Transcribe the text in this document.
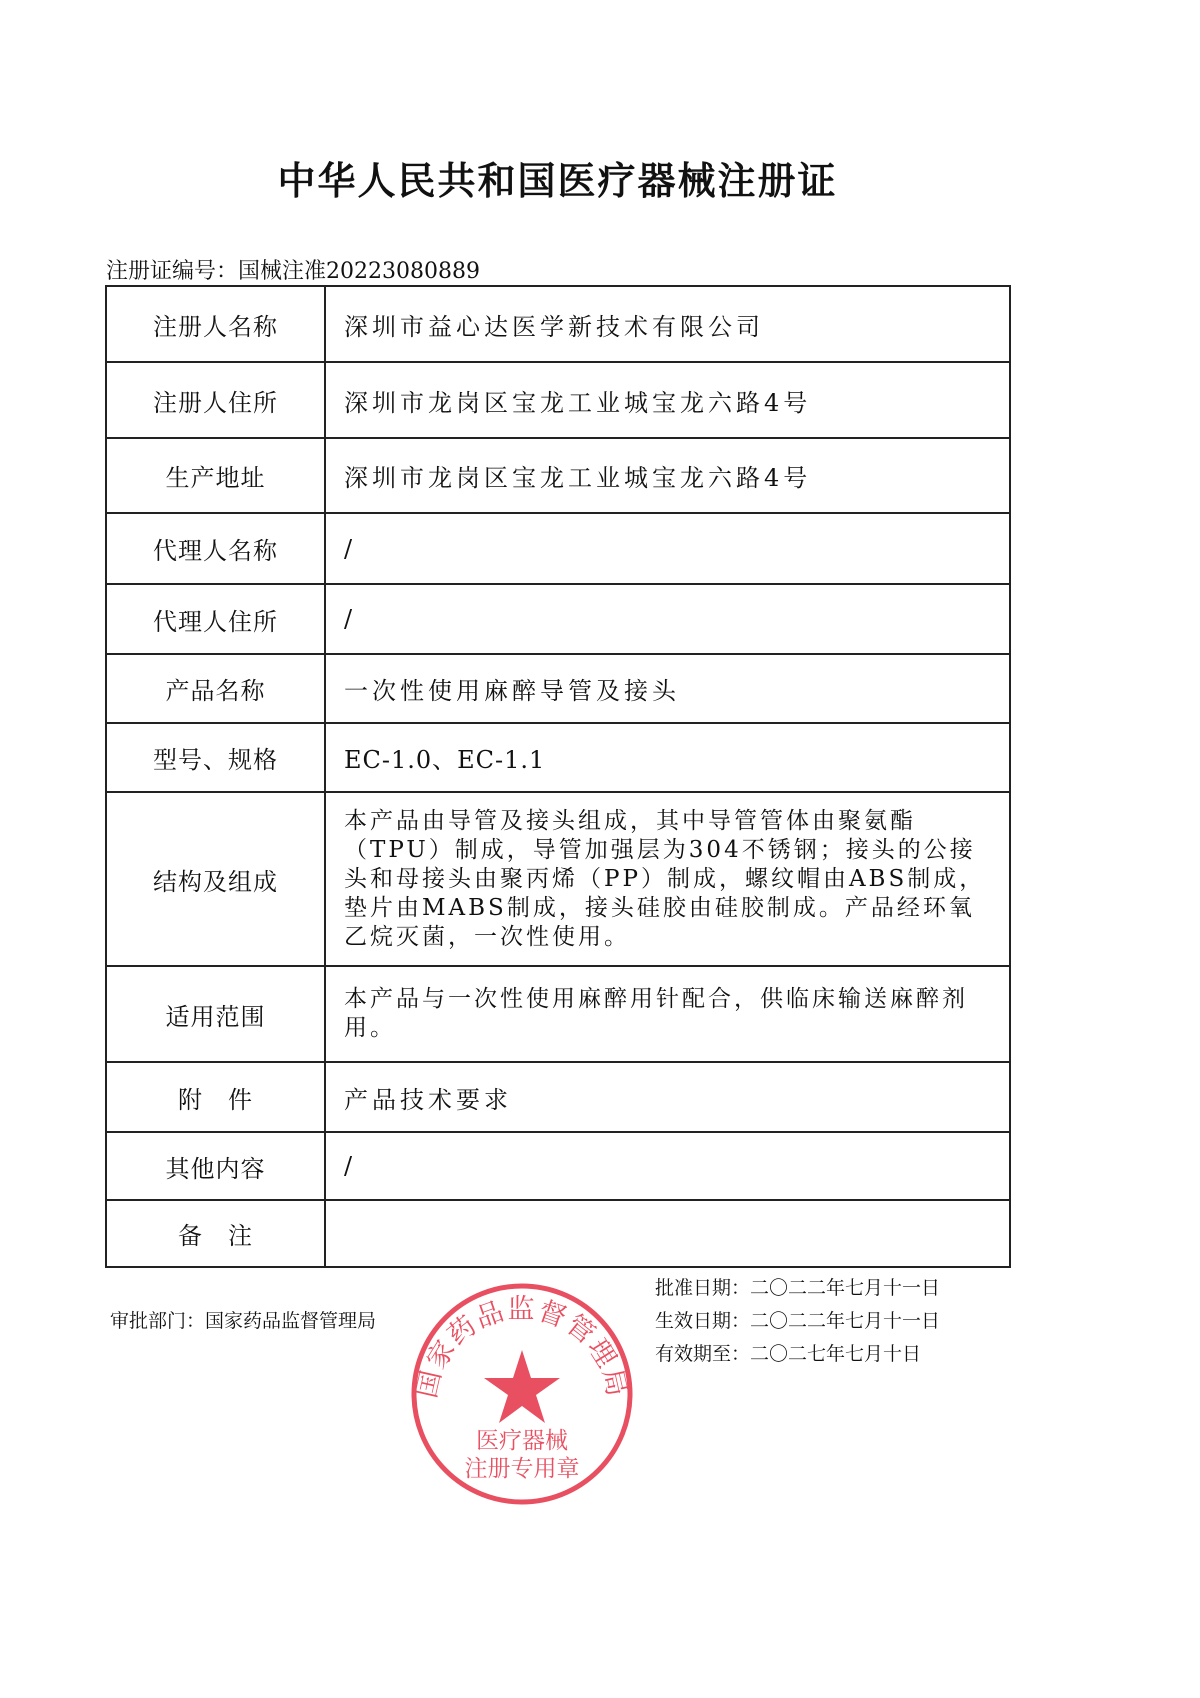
中华人民共和国医疗器械注册证
注册证编号：国械注准20223080889
注册人名称	深圳市益心达医学新技术有限公司
注册人住所	深圳市龙岗区宝龙工业城宝龙六路4号
生产地址	深圳市龙岗区宝龙工业城宝龙六路4号
代理人名称	/
代理人住所	/
产品名称	一次性使用麻醉导管及接头
型号、规格	EC-1.0、EC-1.1
结构及组成	本产品由导管及接头组成，其中导管管体由聚氨酯（TPU）制成，导管加强层为304不锈钢；接头的公接头和母接头由聚丙烯（PP）制成，螺纹帽由ABS制成，垫片由MABS制成，接头硅胶由硅胶制成。产品经环氧乙烷灭菌，一次性使用。
适用范围	本产品与一次性使用麻醉用针配合，供临床输送麻醉剂用。
附　件	产品技术要求
其他内容	/
备　注	
审批部门：国家药品监督管理局
批准日期：二〇二二年七月十一日
生效日期：二〇二二年七月十一日
有效期至：二〇二七年七月十日
国家药品监督管理局
医疗器械
注册专用章
